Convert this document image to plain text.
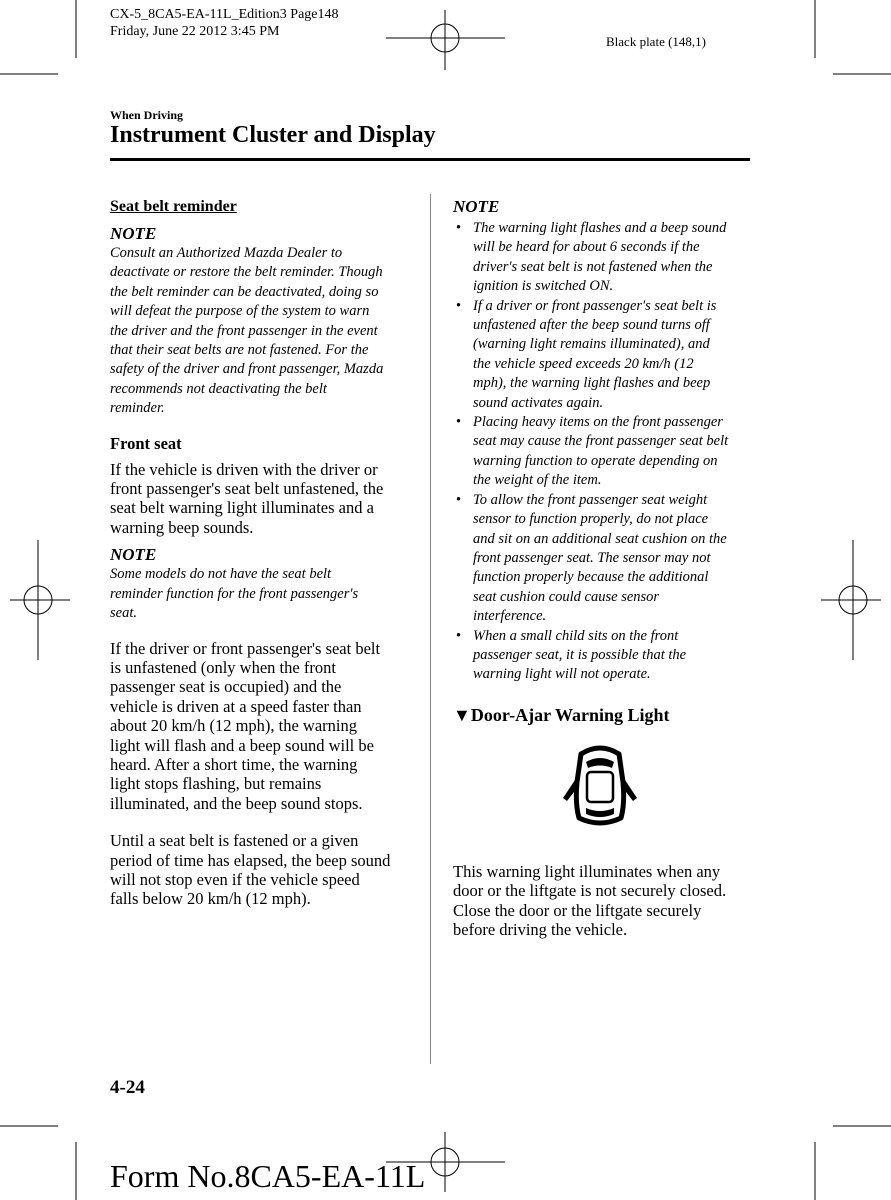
CX-5_8CA5-EA-11L_Edition3 Page148
Friday, June 22 2012 3:45 PM
Black plate (148,1)
When Driving
Instrument Cluster and Display

Seat belt reminder

NOTE

Consult an Authorized Mazda Dealer to

deactivate or restore the belt reminder. Though

the belt reminder can be deactivated, doing so

will defeat the purpose of the system to warn

the driver and the front passenger in the event

that their seat belts are not fastened. For the

safety of the driver and front passenger, Mazda

recommends not deactivating the belt

reminder.

Front seat

If the vehicle is driven with the driver or

front passenger's seat belt unfastened, the

seat belt warning light illuminates and a

warning beep sounds.

NOTE

Some models do not have the seat belt

reminder function for the front passenger's

seat.

If the driver or front passenger's seat belt

is unfastened (only when the front

passenger seat is occupied) and the

vehicle is driven at a speed faster than

about 20 km/h (12 mph), the warning

light will flash and a beep sound will be

heard. After a short time, the warning

light stops flashing, but remains

illuminated, and the beep sound stops.

Until a seat belt is fastened or a given

period of time has elapsed, the beep sound

will not stop even if the vehicle speed

falls below 20 km/h (12 mph).

NOTE

• The warning light flashes and a beep sound
will be heard for about 6 seconds if the
driver's seat belt is not fastened when the
ignition is switched ON.
• If a driver or front passenger's seat belt is
unfastened after the beep sound turns off
(warning light remains illuminated), and
the vehicle speed exceeds 20 km/h (12
mph), the warning light flashes and beep
sound activates again.
• Placing heavy items on the front passenger
seat may cause the front passenger seat belt
warning function to operate depending on
the weight of the item.
• To allow the front passenger seat weight
sensor to function properly, do not place
and sit on an additional seat cushion on the
front passenger seat. The sensor may not
function properly because the additional
seat cushion could cause sensor
interference.
• When a small child sits on the front
passenger seat, it is possible that the
warning light will not operate.

▼Door-Ajar Warning Light

This warning light illuminates when any

door or the liftgate is not securely closed.

Close the door or the liftgate securely

before driving the vehicle.

4-24
Form No.8CA5-EA-11L
